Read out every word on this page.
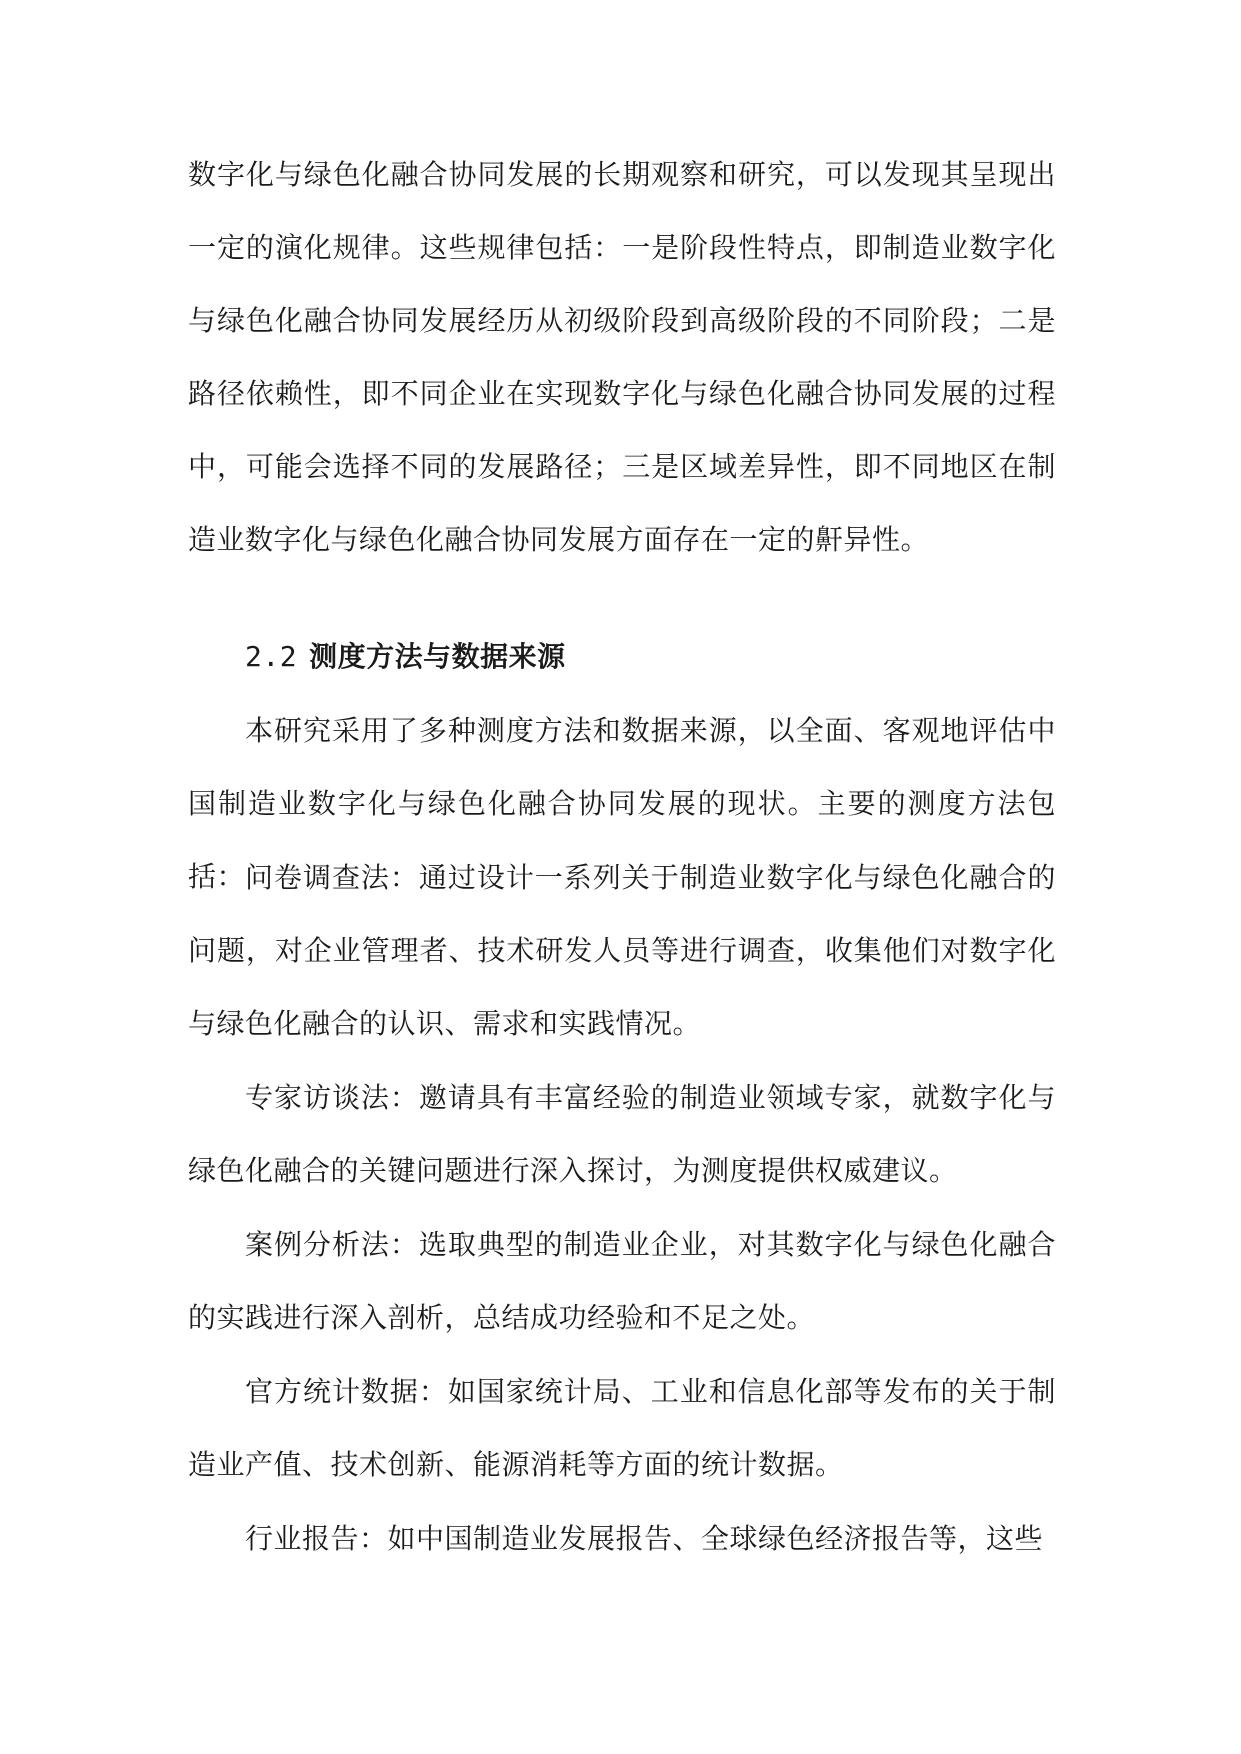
数字化与绿色化融合协同发展的长期观察和研究，可以发现其呈现出一定的演化规律。这些规律包括：一是阶段性特点，即制造业数字化与绿色化融合协同发展经历从初级阶段到高级阶段的不同阶段；二是路径依赖性，即不同企业在实现数字化与绿色化融合协同发展的过程中，可能会选择不同的发展路径；三是区域差异性，即不同地区在制造业数字化与绿色化融合协同发展方面存在一定的鼾异性。

2.2 测度方法与数据来源

本研究采用了多种测度方法和数据来源，以全面、客观地评估中国制造业数字化与绿色化融合协同发展的现状。主要的测度方法包括： 问卷调查法：通过设计一系列关于制造业数字化与绿色化融合的问题，对企业管理者、技术研发人员等进行调查，收集他们对数字化与绿色化融合的认识、需求和实践情况。

专家访谈法：邀请具有丰富经验的制造业领域专家，就数字化与绿色化融合的关键问题进行深入探讨，为测度提供权威建议。

案例分析法：选取典型的制造业企业，对其数字化与绿色化融合的实践进行深入剖析，总结成功经验和不足之处。

官方统计数据：如国家统计局、工业和信息化部等发布的关于制造业产值、技术创新、能源消耗等方面的统计数据。

行业报告：如中国制造业发展报告、全球绿色经济报告等，这些
